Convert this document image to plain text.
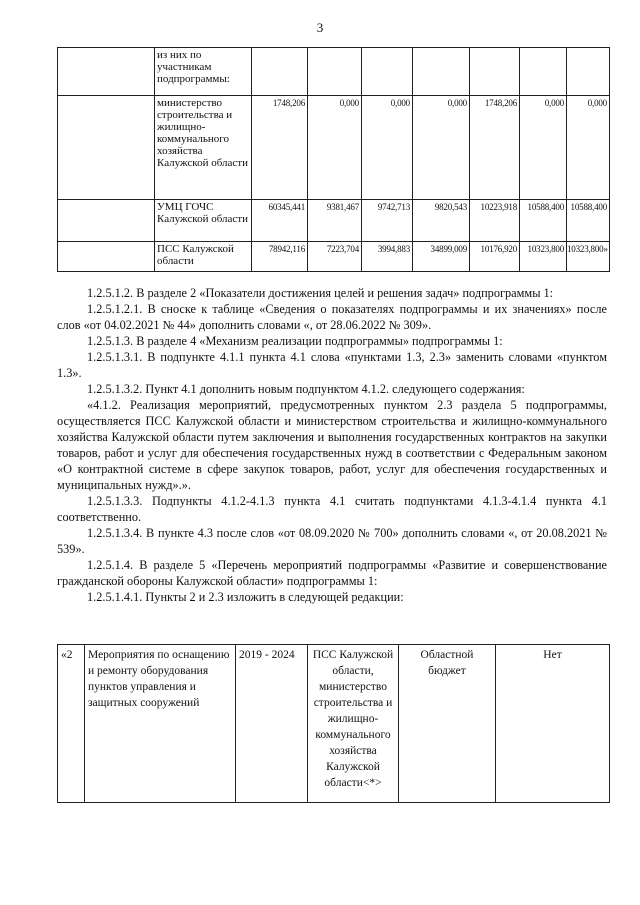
3
	из них по участникам подпрограммы:							
	министерство строительства и жилищно-коммунального хозяйства Калужской области	1748,206	0,000	0,000	0,000	1748,206	0,000	0,000
	УМЦ ГОЧС Калужской области	60345,441	9381,467	9742,713	9820,543	10223,918	10588,400	10588,400
	ПСС Калужской области	78942,116	7223,704	3994,883	34899,009	10176,920	10323,800	10323,800»

1.2.5.1.2. В разделе 2 «Показатели достижения целей и решения задач» подпрограммы 1:

1.2.5.1.2.1. В сноске к таблице «Сведения о показателях подпрограммы и их значениях» после слов «от 04.02.2021 № 44» дополнить словами «, от 28.06.2022 № 309».

1.2.5.1.3. В разделе 4 «Механизм реализации подпрограммы» подпрограммы 1:

1.2.5.1.3.1. В подпункте 4.1.1 пункта 4.1 слова «пунктами 1.3, 2.3» заменить словами «пунктом 1.3».

1.2.5.1.3.2. Пункт 4.1 дополнить новым подпунктом 4.1.2. следующего содержания:

«4.1.2. Реализация мероприятий, предусмотренных пунктом 2.3 раздела 5 подпрограммы, осуществляется ПСС Калужской области и министерством строительства и жилищно-коммунального хозяйства Калужской области путем заключения и выполнения государственных контрактов на закупки товаров, работ и услуг для обеспечения государственных нужд в соответствии с Федеральным законом «О контрактной системе в сфере закупок товаров, работ, услуг для обеспечения государственных и муниципальных нужд».».

1.2.5.1.3.3. Подпункты 4.1.2-4.1.3 пункта 4.1 считать подпунктами 4.1.3-4.1.4 пункта 4.1 соответственно.

1.2.5.1.3.4. В пункте 4.3 после слов «от 08.09.2020 № 700» дополнить словами «, от 20.08.2021 № 539».

1.2.5.1.4. В разделе 5 «Перечень мероприятий подпрограммы «Развитие и совершенствование гражданской обороны Калужской области» подпрограммы 1:

1.2.5.1.4.1. Пункты 2 и 2.3 изложить в следующей редакции:

«2	Мероприятия по оснащению и ремонту оборудования пунктов управления и защитных сооружений	2019 - 2024	ПСС Калужской области, министерство строительства и жилищно-коммунального хозяйства Калужской области<*>	Областной бюджет	Нет
